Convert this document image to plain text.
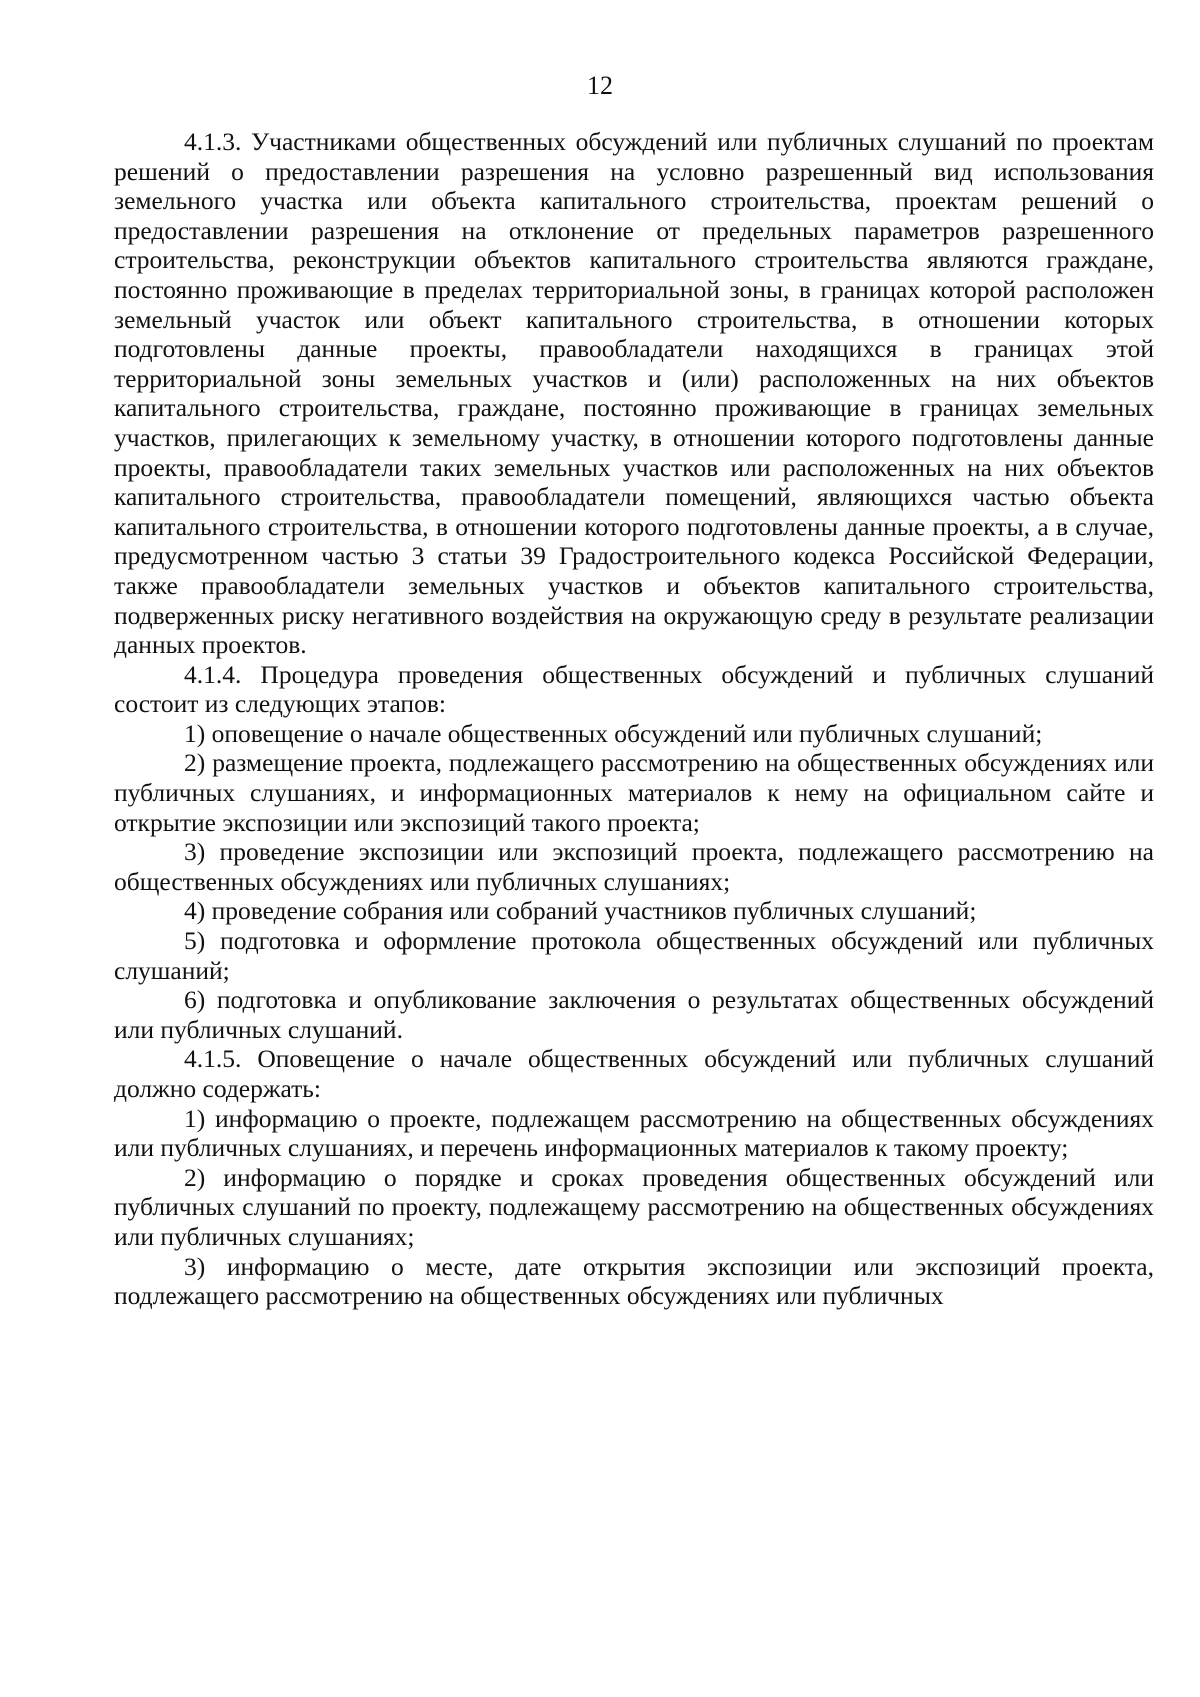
12

4.1.3. Участниками общественных обсуждений или публичных слушаний по проектам решений о предоставлении разрешения на условно разрешенный вид использования земельного участка или объекта капитального строительства, проектам решений о предоставлении разрешения на отклонение от предельных параметров разрешенного строительства, реконструкции объектов капитального строительства являются граждане, постоянно проживающие в пределах территориальной зоны, в границах которой расположен земельный участок или объект капитального строительства, в отношении которых подготовлены данные проекты, правообладатели находящихся в границах этой территориальной зоны земельных участков и (или) расположенных на них объектов капитального строительства, граждане, постоянно проживающие в границах земельных участков, прилегающих к земельному участку, в отношении которого подготовлены данные проекты, правообладатели таких земельных участков или расположенных на них объектов капитального строительства, правообладатели помещений, являющихся частью объекта капитального строительства, в отношении которого подготовлены данные проекты, а в случае, предусмотренном частью 3 статьи 39 Градостроительного кодекса Российской Федерации, также правообладатели земельных участков и объектов капитального строительства, подверженных риску негативного воздействия на окружающую среду в результате реализации данных проектов.

4.1.4. Процедура проведения общественных обсуждений и публичных слушаний состоит из следующих этапов:

1) оповещение о начале общественных обсуждений или публичных слушаний;

2) размещение проекта, подлежащего рассмотрению на общественных обсуждениях или публичных слушаниях, и информационных материалов к нему на официальном сайте и открытие экспозиции или экспозиций такого проекта;

3) проведение экспозиции или экспозиций проекта, подлежащего рассмотрению на общественных обсуждениях или публичных слушаниях;

4) проведение собрания или собраний участников публичных слушаний;

5) подготовка и оформление протокола общественных обсуждений или публичных слушаний;

6) подготовка и опубликование заключения о результатах общественных обсуждений или публичных слушаний.

4.1.5. Оповещение о начале общественных обсуждений или публичных слушаний должно содержать:

1) информацию о проекте, подлежащем рассмотрению на общественных обсуждениях или публичных слушаниях, и перечень информационных материалов к такому проекту;

2) информацию о порядке и сроках проведения общественных обсуждений или публичных слушаний по проекту, подлежащему рассмотрению на общественных обсуждениях или публичных слушаниях;

3) информацию о месте, дате открытия экспозиции или экспозиций проекта, подлежащего рассмотрению на общественных обсуждениях или публичных
